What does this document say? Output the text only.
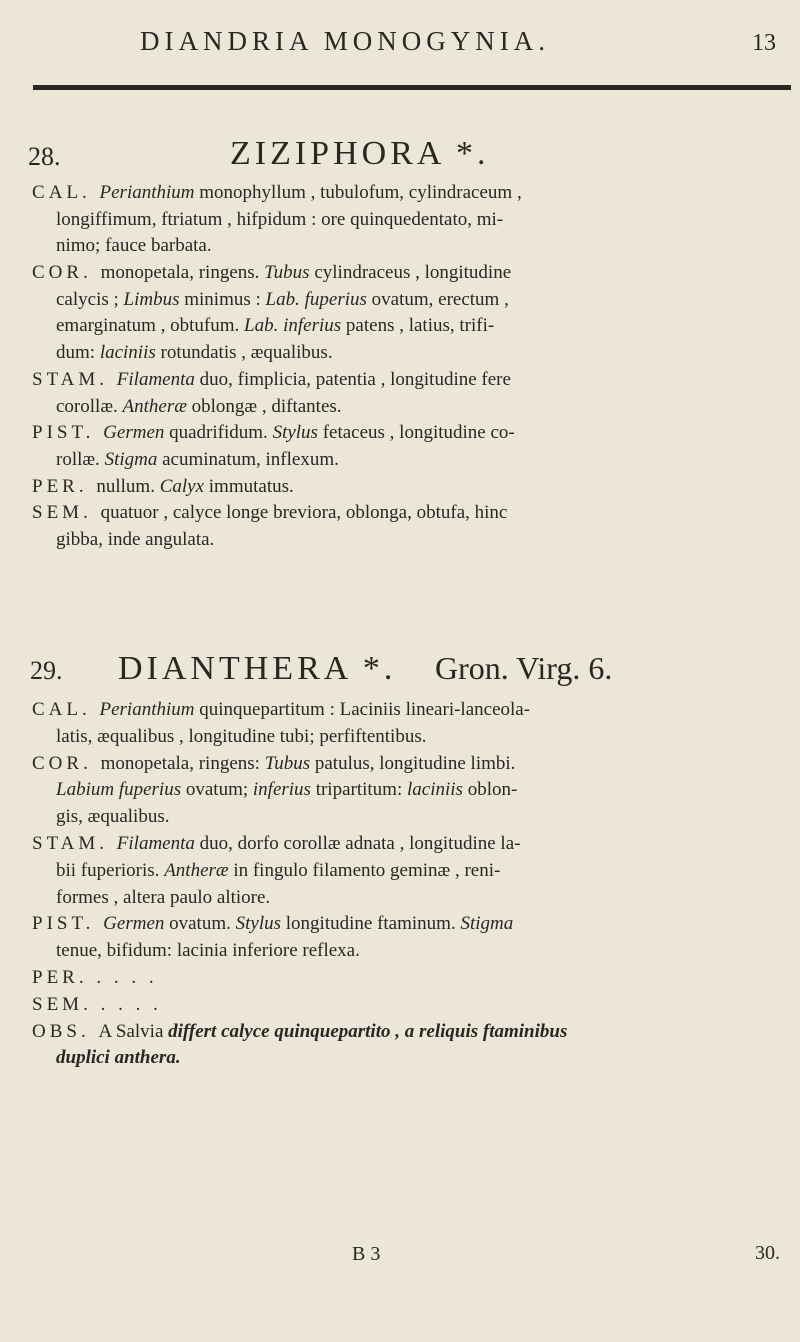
DIANDRIA MONOGYNIA.	13
28.	ZIZIPHORA *.
CAL. Perianthium monophyllum , tubulofum, cylindraceum ,
longiffimum, ftriatum , hifpidum : ore quinquedentato, mi-
nimo; fauce barbata.
COR. monopetala, ringens. Tubus cylindraceus , longitudine
calycis ; Limbus minimus : Lab. fuperius ovatum, erectum ,
emarginatum , obtufum. Lab. inferius patens , latius, trifi-
dum: laciniis rotundatis , æqualibus.
STAM. Filamenta duo, fimplicia, patentia , longitudine fere
corollæ. Antheræ oblongæ , diftantes.
PIST. Germen quadrifidum. Stylus fetaceus , longitudine co-
rollæ. Stigma acuminatum, inflexum.
PER. nullum. Calyx immutatus.
SEM. quatuor , calyce longe breviora, oblonga, obtufa, hinc
gibba, inde angulata.
29. DIANTHERA *. Gron. Virg. 6.
CAL. Perianthium quinquepartitum : Laciniis lineari-lanceola-
latis, æqualibus , longitudine tubi; perfiftentibus.
COR. monopetala, ringens: Tubus patulus, longitudine limbi.
Labium fuperius ovatum; inferius tripartitum: laciniis oblon-
gis, æqualibus.
STAM. Filamenta duo, dorfo corollæ adnata , longitudine la-
bii fuperioris. Antheræ in fingulo filamento geminæ , reni-
formes , altera paulo altiore.
PIST. Germen ovatum. Stylus longitudine ftaminum. Stigma
tenue, bifidum: lacinia inferiore reflexa.
PER. . . . .
SEM. . . . .
OBS. A Salvia differt calyce quinquepartito , a reliquis ftaminibus
duplici anthera.
B 3	30.
